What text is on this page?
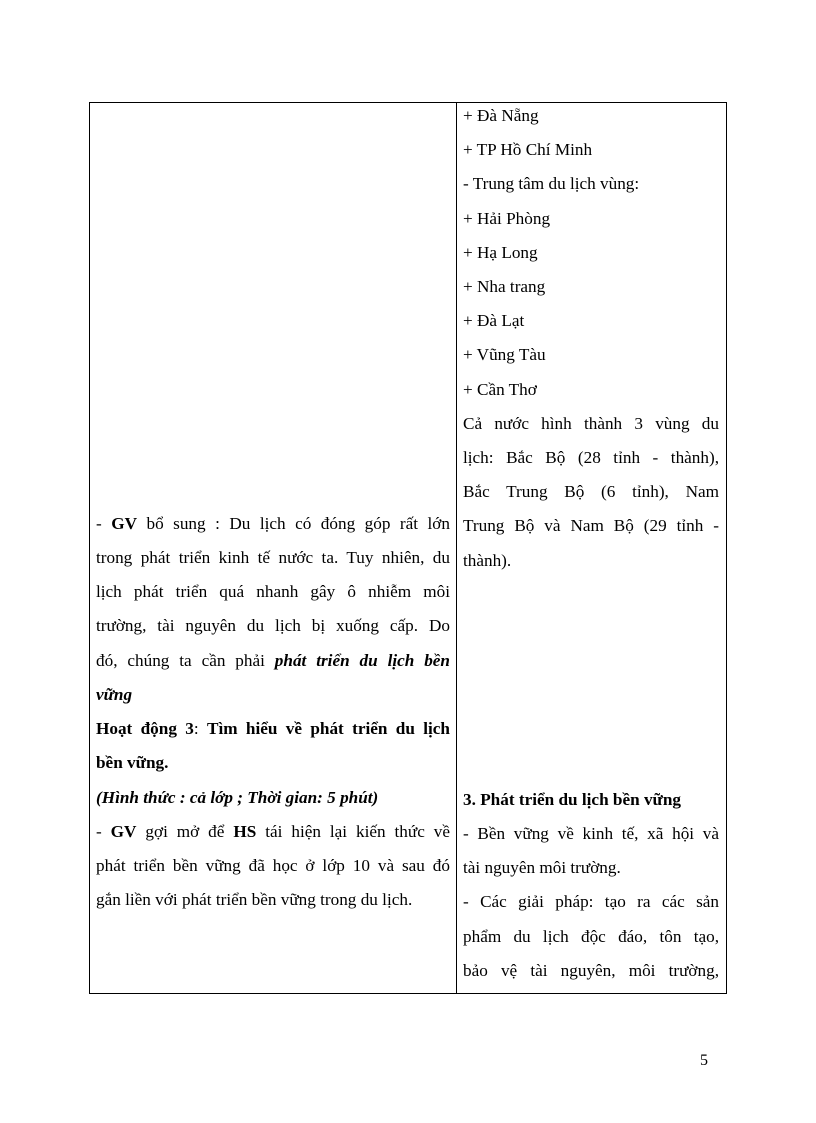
- GV bổ sung : Du lịch có đóng góp rất lớn
trong phát triển kinh tế nước ta. Tuy nhiên, du
lịch phát triển quá nhanh gây ô nhiễm môi
trường, tài nguyên du lịch bị xuống cấp. Do
đó, chúng ta cần phải phát triển du lịch bền
vững
Hoạt động 3: Tìm hiểu về phát triển du lịch
bền vững.
(Hình thức : cả lớp ; Thời gian: 5 phút)
- GV gợi mở để HS tái hiện lại kiến thức về
phát triển bền vững đã học ở lớp 10 và sau đó
gắn liền với phát triển bền vững trong du lịch.
+ Đà Nẵng
+ TP Hồ Chí Minh
- Trung tâm du lịch vùng:
+ Hải Phòng
+ Hạ Long
+ Nha trang
+ Đà Lạt
+ Vũng Tàu
+ Cần Thơ
Cả nước hình thành 3 vùng du
lịch: Bắc Bộ (28 tỉnh - thành),
Bắc Trung Bộ (6 tỉnh), Nam
Trung Bộ và Nam Bộ (29 tỉnh -
thành).
3. Phát triển du lịch bền vững
- Bền vững về kinh tế, xã hội và
tài nguyên môi trường.
- Các giải pháp: tạo ra các sản
phẩm du lịch độc đáo, tôn tạo,
bảo vệ tài nguyên, môi trường,
5
